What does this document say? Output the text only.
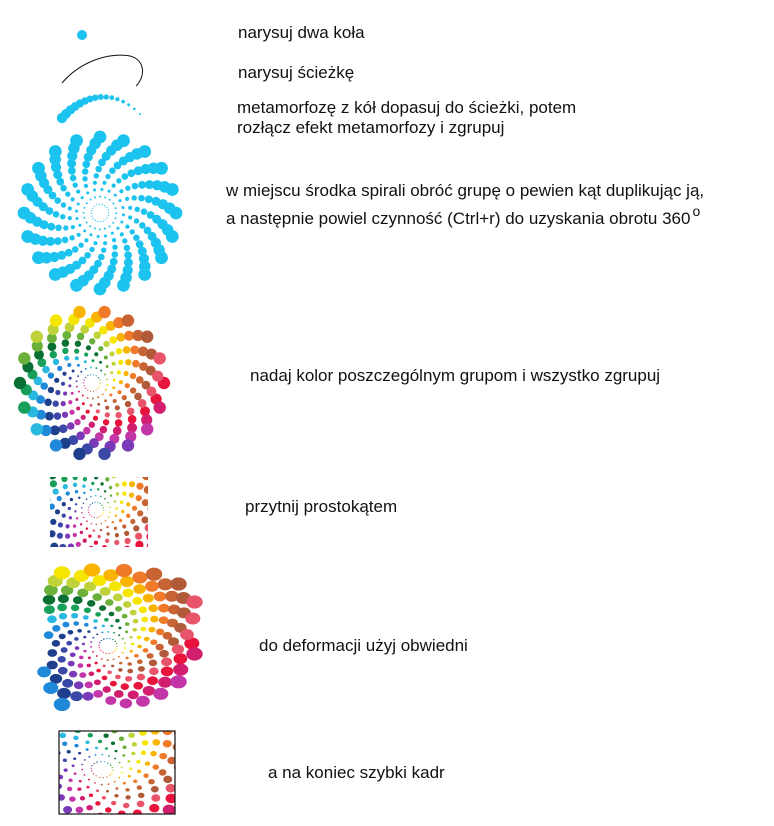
narysuj dwa koła
narysuj ścieżkę
metamorfozę z kół dopasuj do ścieżki, potem
rozłącz efekt metamorfozy i zgrupuj
w miejscu środka spirali obróć grupę o pewien kąt duplikując ją,
a następnie powiel czynność (Ctrl+r) do uzyskania obrotu 360 $^o$
nadaj kolor poszczególnym grupom i wszystko zgrupuj
przytnij prostokątem
do deformacji użyj obwiedni
a na koniec szybki kadr
